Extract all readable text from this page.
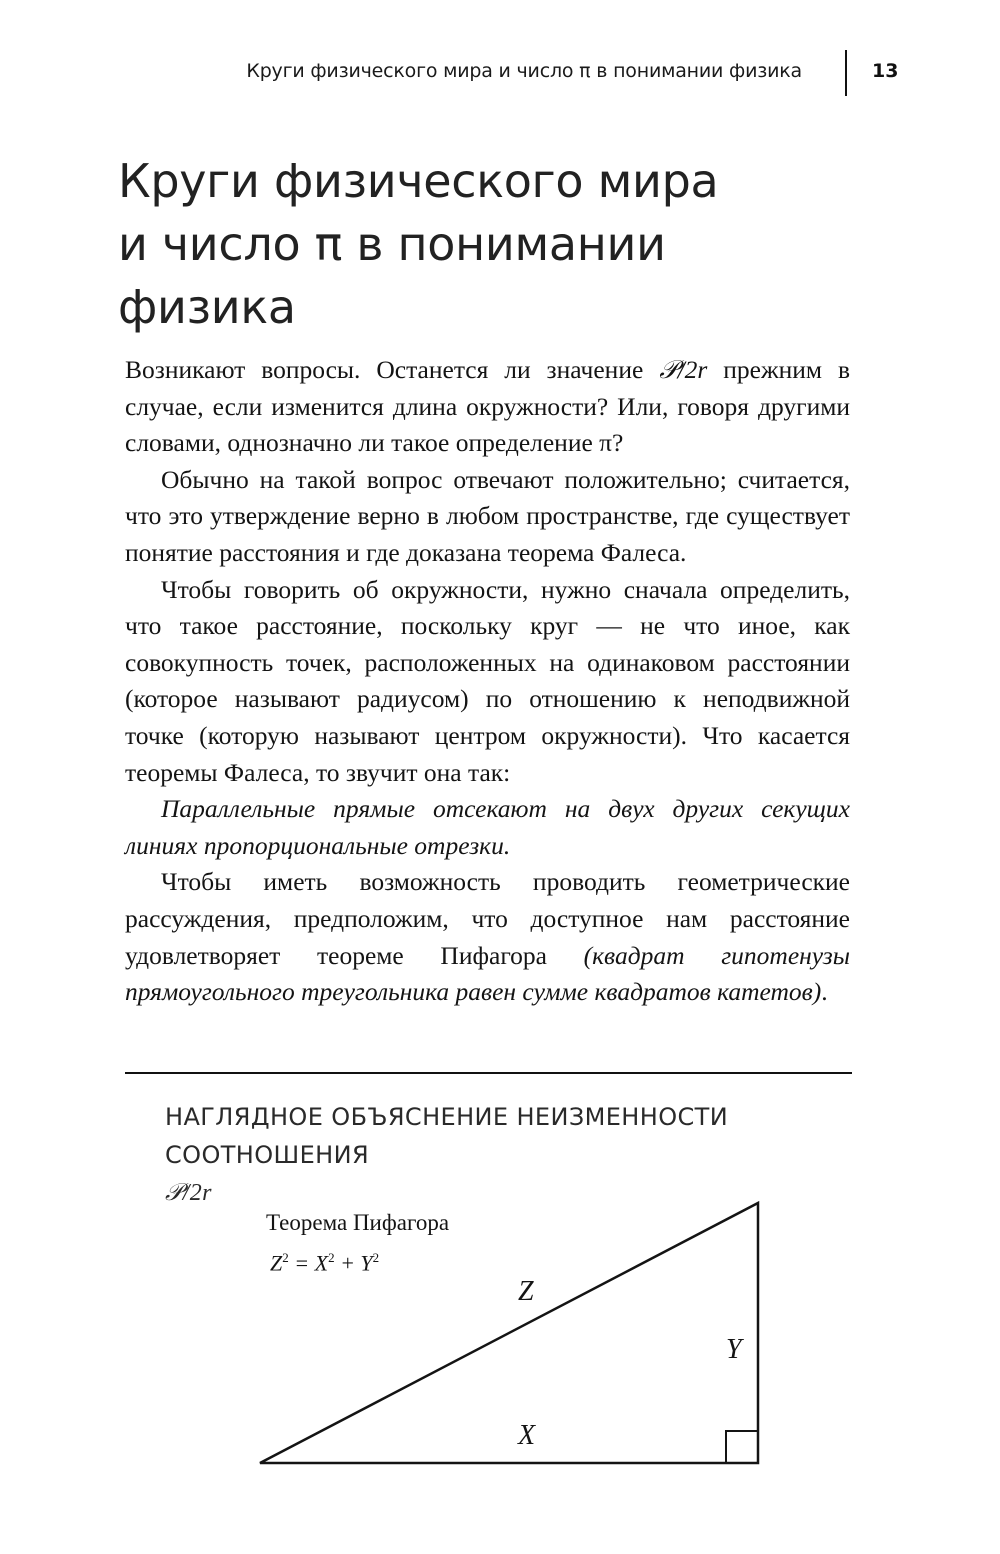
Круги физического мира и число π в понимании физика	13
Круги физического мира
и число π в понимании
физика

Возникают вопросы. Останется ли значение 𝒫/2r прежним в случае, если изменится длина окружности? Или, говоря другими словами, однозначно ли такое определение π?

Обычно на такой вопрос отвечают положительно; считается, что это утверждение верно в любом пространстве, где существует понятие расстояния и где доказана теорема Фалеса.

Чтобы говорить об окружности, нужно сначала определить, что такое расстояние, поскольку круг — не что иное, как совокупность точек, расположенных на одинаковом расстоянии (которое называют радиусом) по отношению к неподвижной точке (которую называют центром окружности). Что касается теоремы Фалеса, то звучит она так:

Параллельные прямые отсекают на двух других секущих линиях пропорциональные отрезки.

Чтобы иметь возможность проводить геометрические рассуждения, предположим, что доступное нам расстояние удовлетворяет теореме Пифагора (квадрат гипотенузы прямоугольного треугольника равен сумме квадратов катетов).

НАГЛЯДНОЕ ОБЪЯСНЕНИЕ НЕИЗМЕННОСТИ
СООТНОШЕНИЯ
𝒫/2r
Теорема Пифагора
$Z^2 = X^2 + Y^2$
Z
Y
X
